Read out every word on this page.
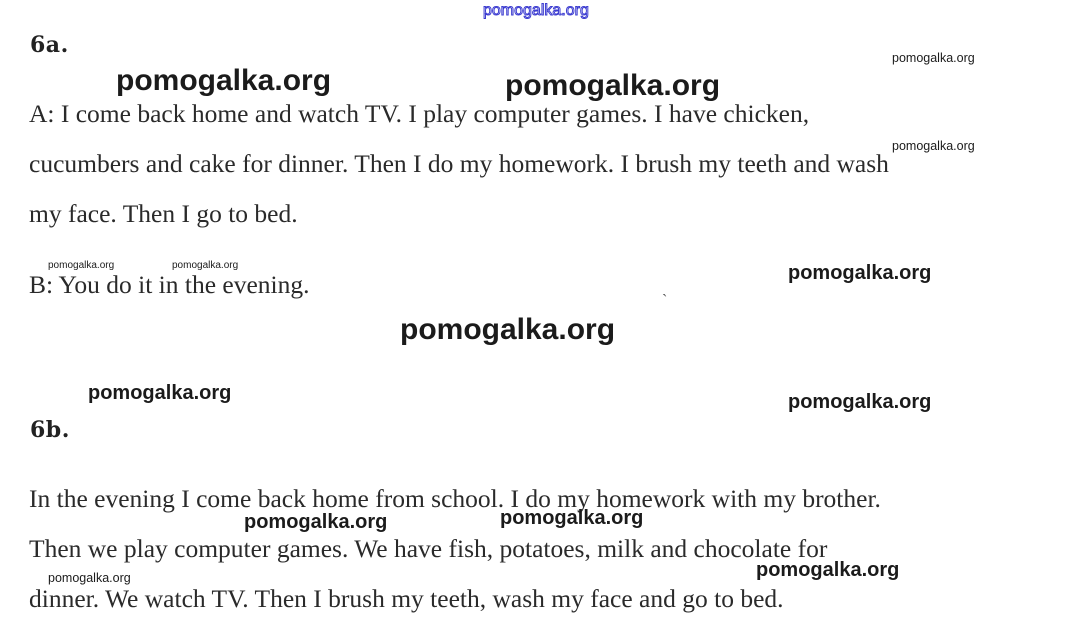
pomogalka.org
6a.
A: I come back home and watch TV. I play computer games. I have chicken,
cucumbers and cake for dinner. Then I do my homework. I brush my teeth and wash
my face. Then I go to bed.
B: You do it in the evening.
6b.
In the evening I come back home from school. I do my homework with my brother.
Then we play computer games. We have fish, potatoes, milk and chocolate for
dinner. We watch TV. Then I brush my teeth, wash my face and go to bed.
`
pomogalka.org	pomogalka.org
pomogalka.org
pomogalka.org
pomogalka.org	pomogalka.org	pomogalka.org
pomogalka.org
pomogalka.org	pomogalka.org
pomogalka.org	pomogalka.org
pomogalka.org	pomogalka.org
